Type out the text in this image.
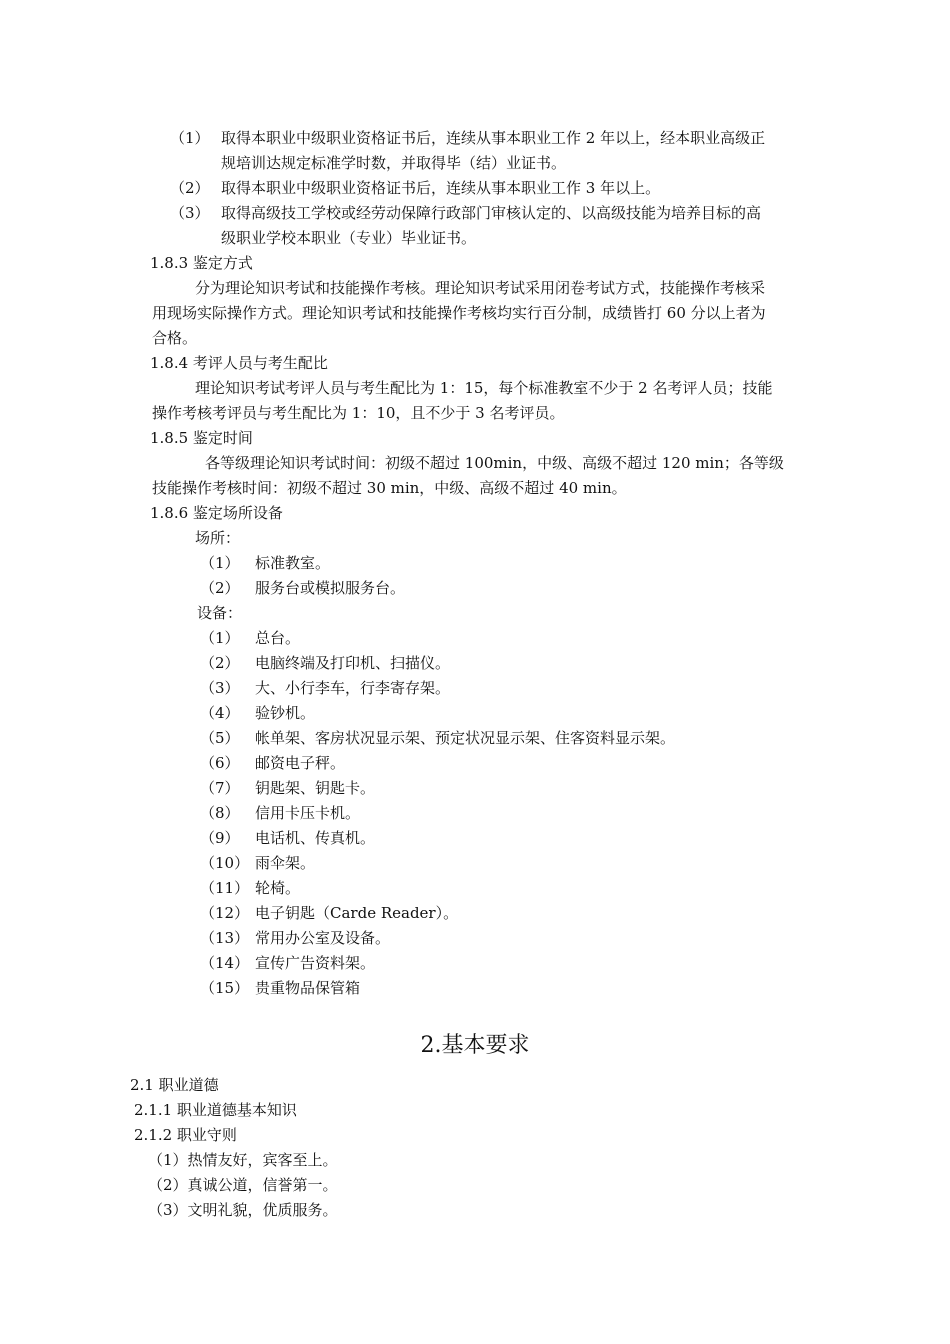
（1） 取得本职业中级职业资格证书后，连续从事本职业工作 2 年以上，经本职业高级正
规培训达规定标准学时数，并取得毕（结）业证书。
（2） 取得本职业中级职业资格证书后，连续从事本职业工作 3 年以上。
（3） 取得高级技工学校或经劳动保障行政部门审核认定的、以高级技能为培养目标的高
级职业学校本职业（专业）毕业证书。
1.8.3 鉴定方式
分为理论知识考试和技能操作考核。理论知识考试采用闭卷考试方式，技能操作考核采
用现场实际操作方式。理论知识考试和技能操作考核均实行百分制，成绩皆打 60 分以上者为
合格。
1.8.4 考评人员与考生配比
理论知识考试考评人员与考生配比为 1：15，每个标准教室不少于 2 名考评人员；技能
操作考核考评员与考生配比为 1：10，且不少于 3 名考评员。
1.8.5 鉴定时间
各等级理论知识考试时间：初级不超过 100min，中级、高级不超过 120 min；各等级
技能操作考核时间：初级不超过 30 min，中级、高级不超过 40 min。
1.8.6 鉴定场所设备
场所：
（1） 标准教室。
（2） 服务台或模拟服务台。
设备：
（1） 总台。
（2） 电脑终端及打印机、扫描仪。
（3） 大、小行李车，行李寄存架。
（4） 验钞机。
（5） 帐单架、客房状况显示架、预定状况显示架、住客资料显示架。
（6） 邮资电子秤。
（7） 钥匙架、钥匙卡。
（8） 信用卡压卡机。
（9） 电话机、传真机。
（10） 雨伞架。
（11） 轮椅。
（12） 电子钥匙（Carde Reader）。
（13） 常用办公室及设备。
（14） 宣传广告资料架。
（15） 贵重物品保管箱
2.基本要求
2.1 职业道德
2.1.1 职业道德基本知识
2.1.2 职业守则
（1）热情友好，宾客至上。
（2）真诚公道，信誉第一。
（3）文明礼貌，优质服务。
